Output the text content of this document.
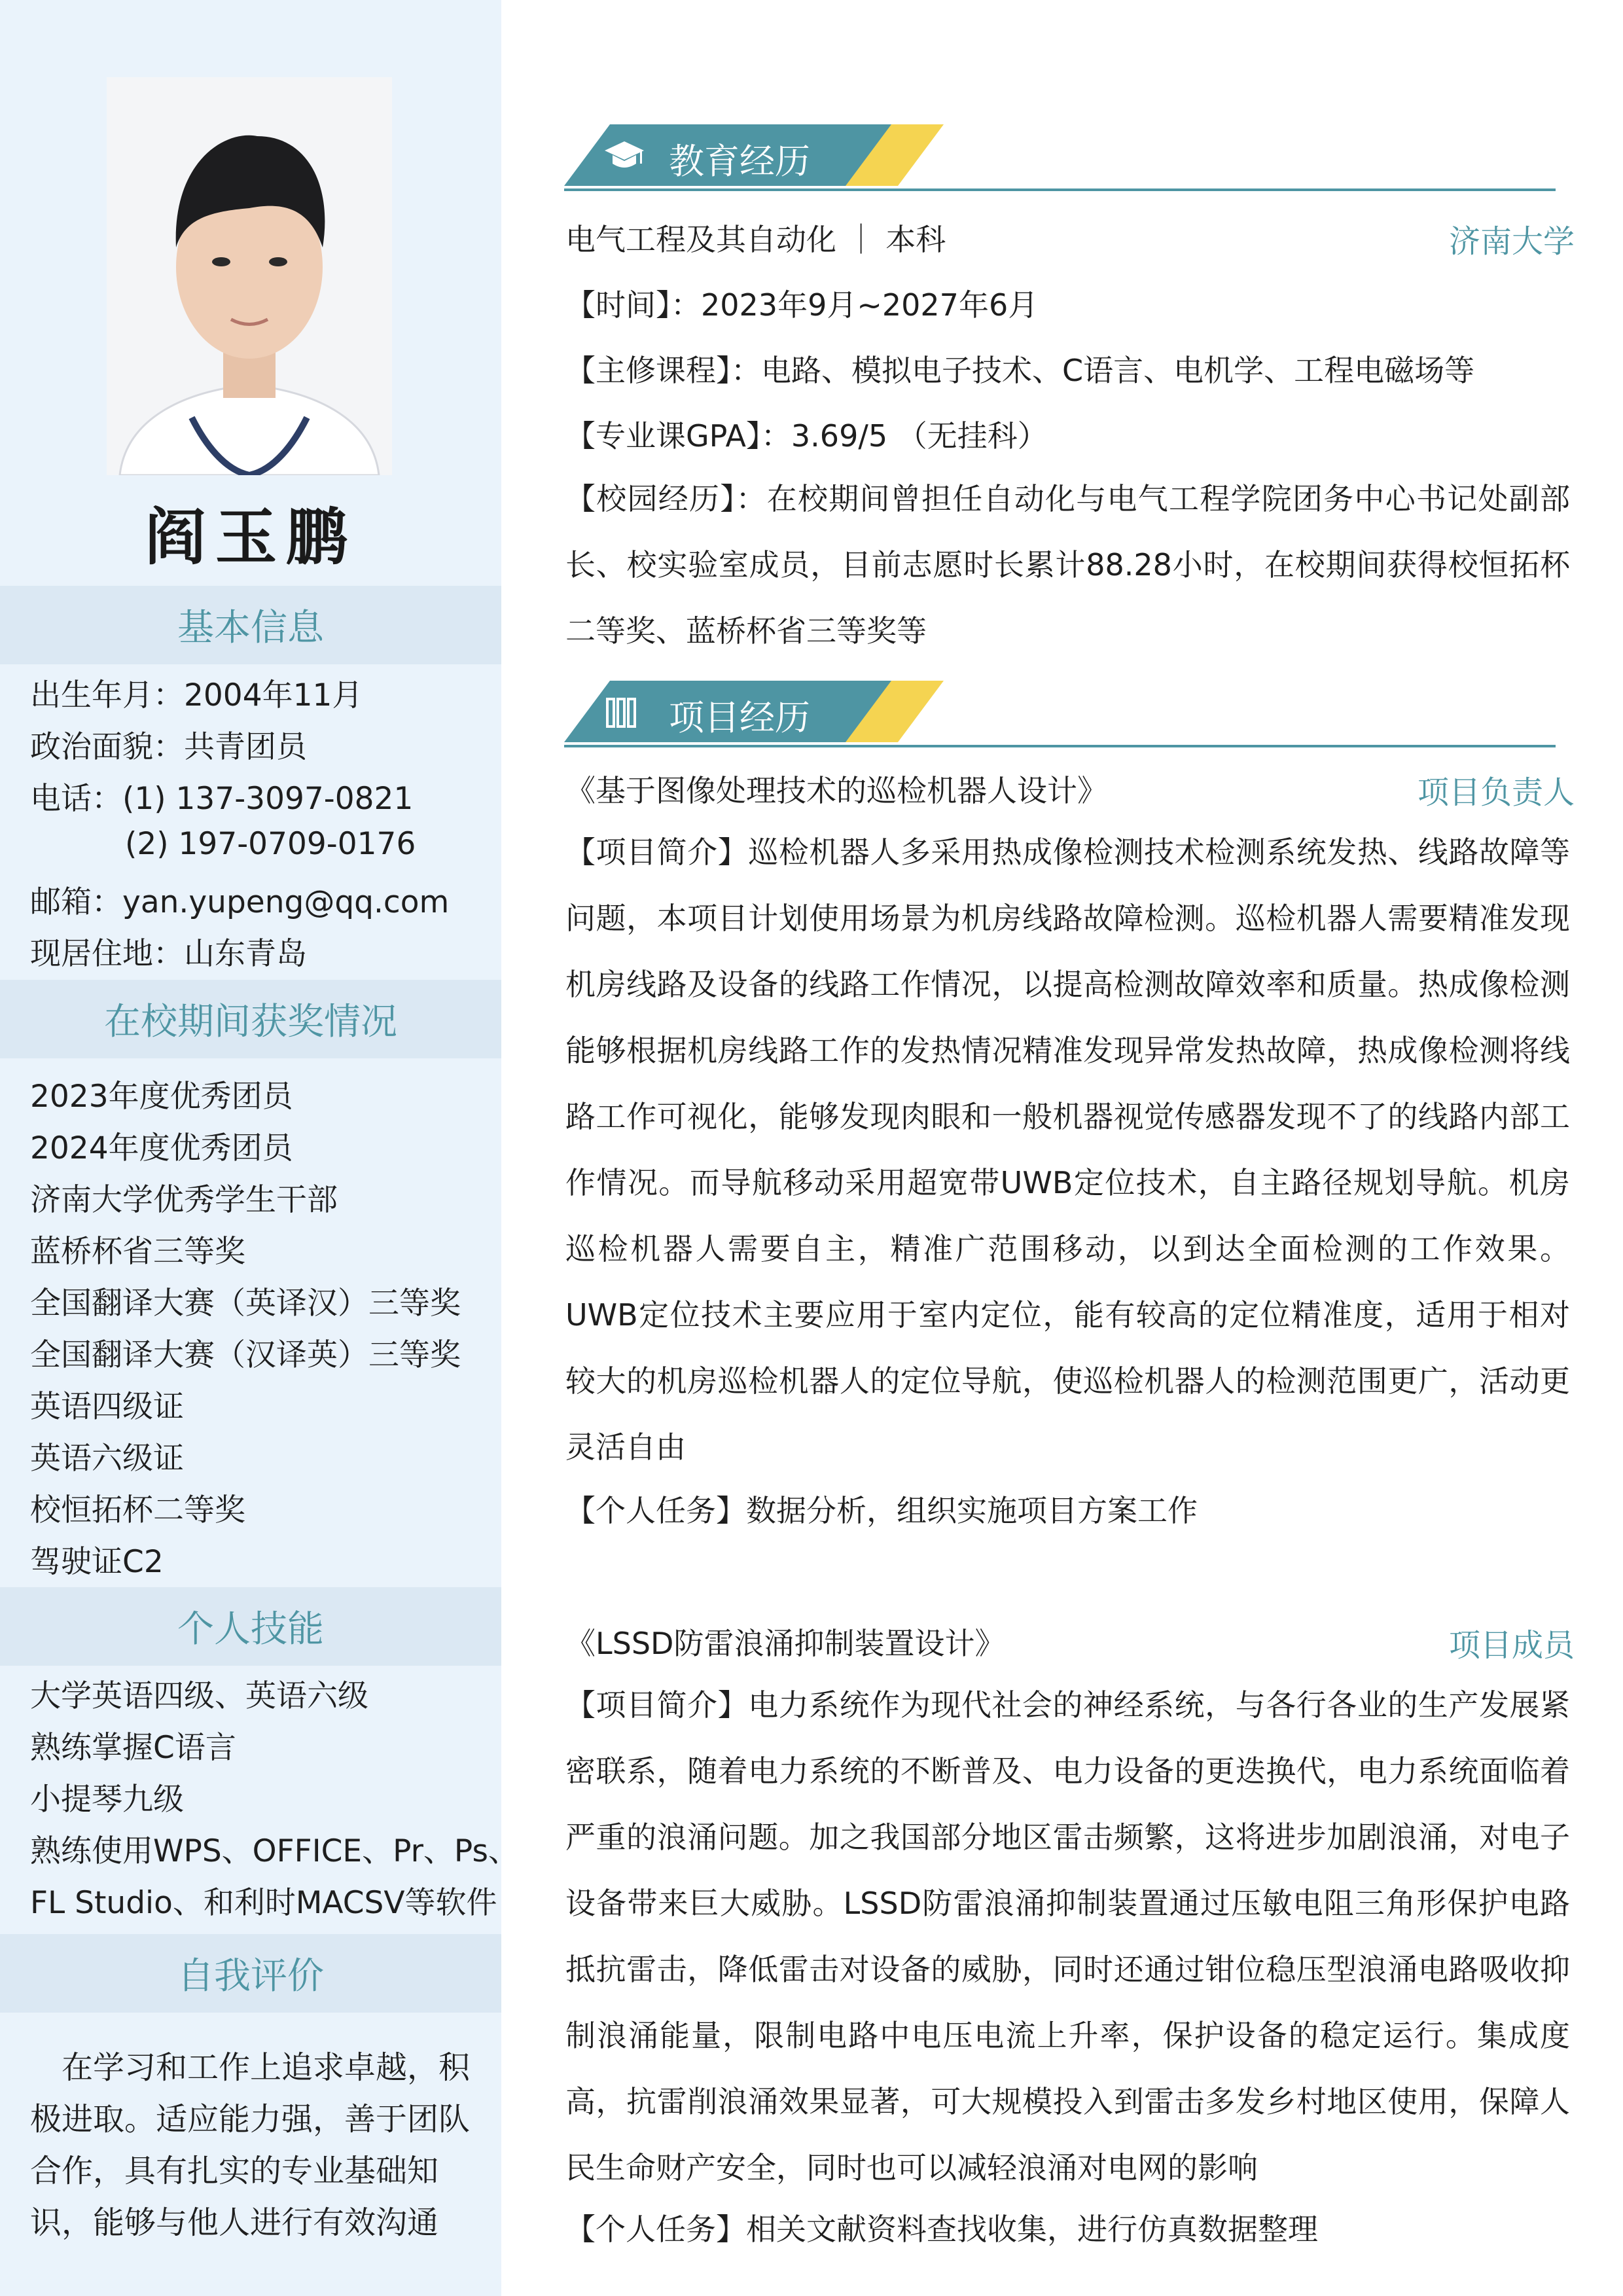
阎玉鹏
基本信息
出生年月：2004年11月
政治面貌：共青团员
电话：(1) 137-3097-0821
(2) 197-0709-0176
邮箱：yan.yupeng@qq.com
现居住地：山东青岛
在校期间获奖情况
2023年度优秀团员
2024年度优秀团员
济南大学优秀学生干部
蓝桥杯省三等奖
全国翻译大赛（英译汉）三等奖
全国翻译大赛（汉译英）三等奖
英语四级证
英语六级证
校恒拓杯二等奖
驾驶证C2
个人技能
大学英语四级、英语六级
熟练掌握C语言
小提琴九级
熟练使用WPS、OFFICE、Pr、Ps、
FL Studio、和利时MACSV等软件
自我评价
在学习和工作上追求卓越，积极进取。适应能力强，善于团队合作，具有扎实的专业基础知识，能够与他人进行有效沟通
教育经历
电气工程及其自动化 ｜ 本科	济南大学
【时间】：2023年9月~2027年6月
【主修课程】：电路、模拟电子技术、C语言、电机学、工程电磁场等
【专业课GPA】：3.69/5 （无挂科）
【校园经历】：在校期间曾担任自动化与电气工程学院团务中心书记处副部长、校实验室成员，目前志愿时长累计88.28小时，在校期间获得校恒拓杯二等奖、蓝桥杯省三等奖等
项目经历
《基于图像处理技术的巡检机器人设计》	项目负责人
【项目简介】巡检机器人多采用热成像检测技术检测系统发热、线路故障等问题，本项目计划使用场景为机房线路故障检测。巡检机器人需要精准发现机房线路及设备的线路工作情况，以提高检测故障效率和质量。热成像检测能够根据机房线路工作的发热情况精准发现异常发热故障，热成像检测将线路工作可视化，能够发现肉眼和一般机器视觉传感器发现不了的线路内部工作情况。而导航移动采用超宽带UWB定位技术，自主路径规划导航。机房巡检机器人需要自主，精准广范围移动，以到达全面检测的工作效果。UWB定位技术主要应用于室内定位，能有较高的定位精准度，适用于相对较大的机房巡检机器人的定位导航，使巡检机器人的检测范围更广，活动更灵活自由
【个人任务】数据分析，组织实施项目方案工作
《LSSD防雷浪涌抑制装置设计》	项目成员
【项目简介】电力系统作为现代社会的神经系统，与各行各业的生产发展紧密联系，随着电力系统的不断普及、电力设备的更迭换代，电力系统面临着严重的浪涌问题。加之我国部分地区雷击频繁，这将进步加剧浪涌，对电子设备带来巨大威胁。LSSD防雷浪涌抑制装置通过压敏电阻三角形保护电路抵抗雷击，降低雷击对设备的威胁，同时还通过钳位稳压型浪涌电路吸收抑制浪涌能量，限制电路中电压电流上升率，保护设备的稳定运行。集成度高，抗雷削浪涌效果显著，可大规模投入到雷击多发乡村地区使用，保障人民生命财产安全，同时也可以减轻浪涌对电网的影响
【个人任务】相关文献资料查找收集，进行仿真数据整理
